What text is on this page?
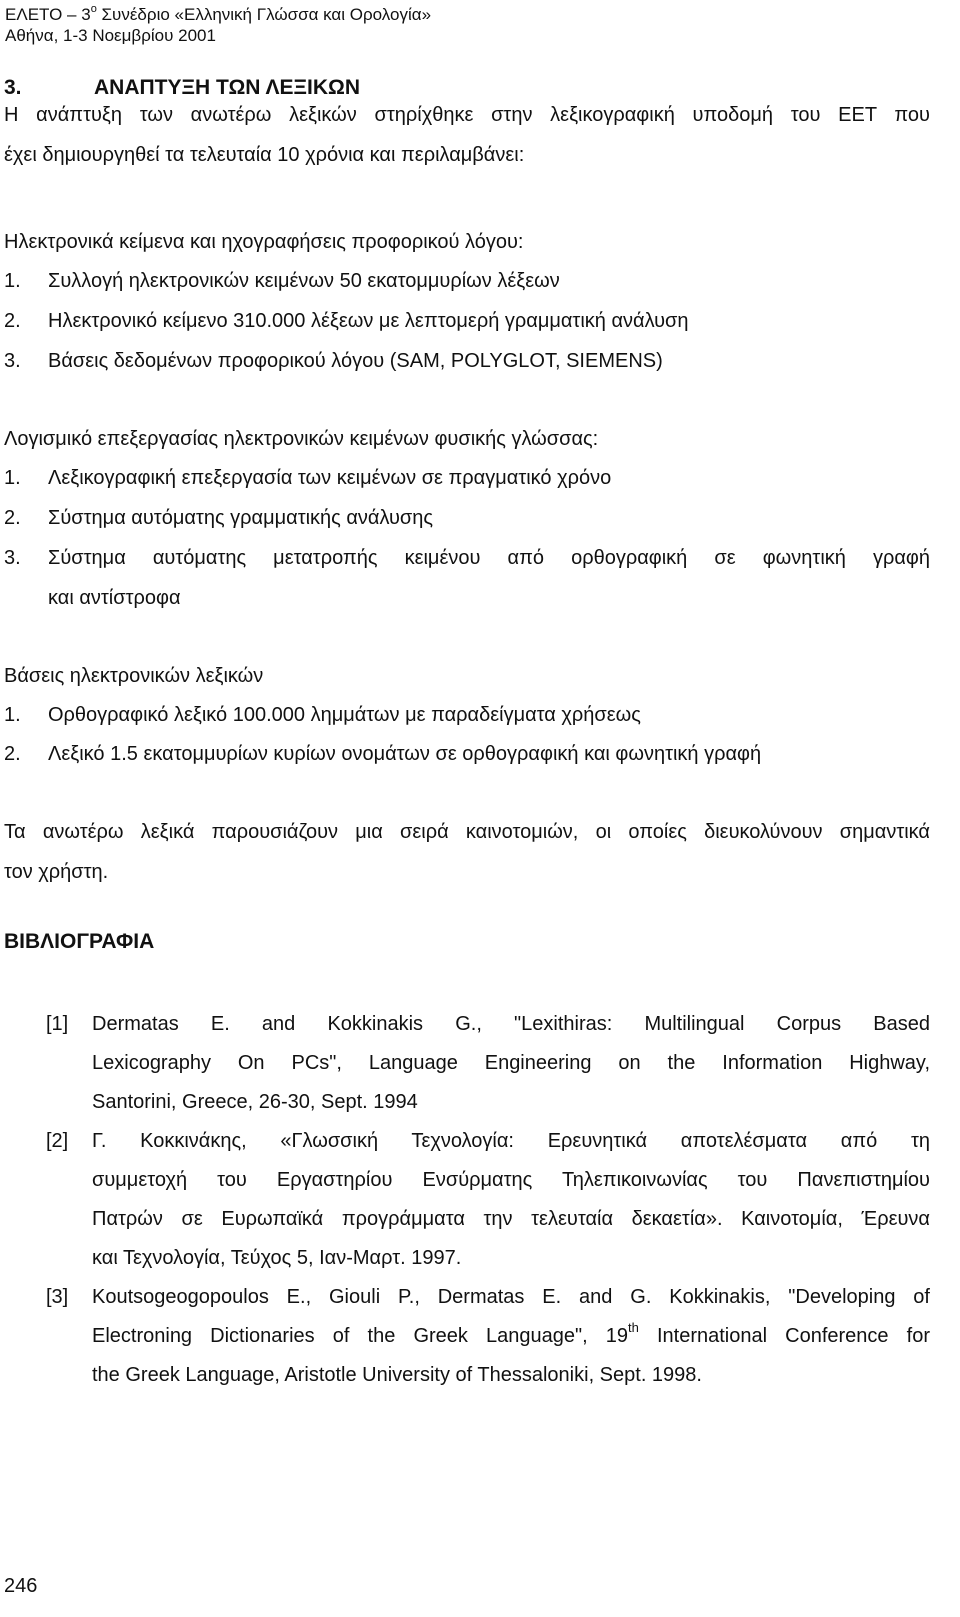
ΕΛΕΤΟ – $3^o$ Συνέδριο «Ελληνική Γλώσσα και Ορολογία»
Αθήνα, 1-3 Νοεμβρίου 2001
3.	ΑΝΑΠΤΥΞΗ ΤΩΝ ΛΕΞΙΚΩΝ
Η ανάπτυξη των ανωτέρω λεξικών στηρίχθηκε στην λεξικογραφική υποδομή του ΕΕΤ που
έχει δημιουργηθεί τα τελευταία 10 χρόνια και περιλαμβάνει:
Ηλεκτρονικά κείμενα και ηχογραφήσεις προφορικού λόγου:
1.	Συλλογή ηλεκτρονικών κειμένων 50 εκατομμυρίων λέξεων
2.	Ηλεκτρονικό κείμενο 310.000 λέξεων με λεπτομερή γραμματική ανάλυση
3.	Βάσεις δεδομένων προφορικού λόγου (SAM, POLYGLOT, SIEMENS)
Λογισμικό επεξεργασίας ηλεκτρονικών κειμένων φυσικής γλώσσας:
1.	Λεξικογραφική επεξεργασία των κειμένων σε πραγματικό χρόνο
2.	Σύστημα αυτόματης γραμματικής ανάλυσης
3.	Σύστημα αυτόματης μετατροπής κειμένου από ορθογραφική σε φωνητική γραφή
και αντίστροφα
Βάσεις ηλεκτρονικών λεξικών
1.	Ορθογραφικό λεξικό 100.000 λημμάτων με παραδείγματα χρήσεως
2.	Λεξικό 1.5 εκατομμυρίων κυρίων ονομάτων σε ορθογραφική και φωνητική γραφή
Τα ανωτέρω λεξικά παρουσιάζουν μια σειρά καινοτομιών, οι οποίες διευκολύνουν σημαντικά
τον χρήστη.
ΒΙΒΛΙΟΓΡΑΦΙΑ
[1]	Dermatas E. and Kokkinakis G., "Lexithiras: Multilingual Corpus Based
Lexicography On PCs", Language Engineering on the Information Highway,
Santorini, Greece, 26-30, Sept. 1994
[2]	Γ. Κοκκινάκης, «Γλωσσική Τεχνολογία: Ερευνητικά αποτελέσματα από τη
συμμετοχή του Εργαστηρίου Ενσύρματης Τηλεπικοινωνίας του Πανεπιστημίου
Πατρών σε Ευρωπαϊκά προγράμματα την τελευταία δεκαετία». Καινοτομία, Έρευνα
και Τεχνολογία, Τεύχος 5, Ιαν-Μαρτ. 1997.
[3]	Koutsogeogopoulos E., Giouli P., Dermatas E. and G. Kokkinakis, "Developing of
Electroning Dictionaries of the Greek Language", 19th International Conference for
the Greek Language, Aristotle University of Thessaloniki, Sept. 1998.
246
